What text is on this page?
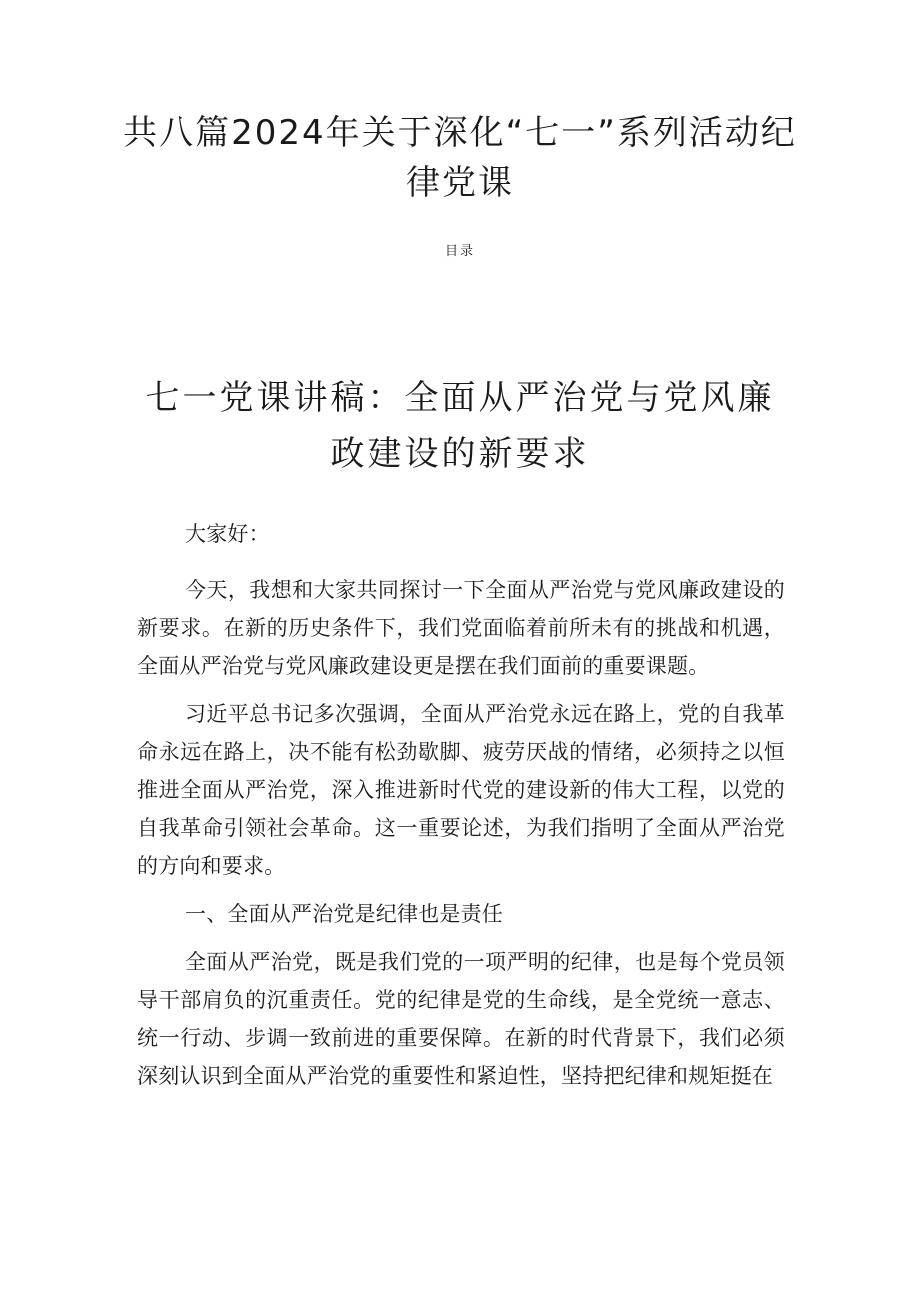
共八篇2024年关于深化“七一”系列活动纪律党课
目录
七一党课讲稿：全面从严治党与党风廉政建设的新要求

大家好：

今天，我想和大家共同探讨一下全面从严治党与党风廉政建设的新要求。在新的历史条件下，我们党面临着前所未有的挑战和机遇，全面从严治党与党风廉政建设更是摆在我们面前的重要课题。

习近平总书记多次强调，全面从严治党永远在路上，党的自我革命永远在路上，决不能有松劲歇脚、疲劳厌战的情绪，必须持之以恒推进全面从严治党，深入推进新时代党的建设新的伟大工程，以党的自我革命引领社会革命。这一重要论述，为我们指明了全面从严治党的方向和要求。

一、全面从严治党是纪律也是责任

全面从严治党，既是我们党的一项严明的纪律，也是每个党员领导干部肩负的沉重责任。党的纪律是党的生命线，是全党统一意志、统一行动、步调一致前进的重要保障。在新的时代背景下，我们必须深刻认识到全面从严治党的重要性和紧迫性，坚持把纪律和规矩挺在
